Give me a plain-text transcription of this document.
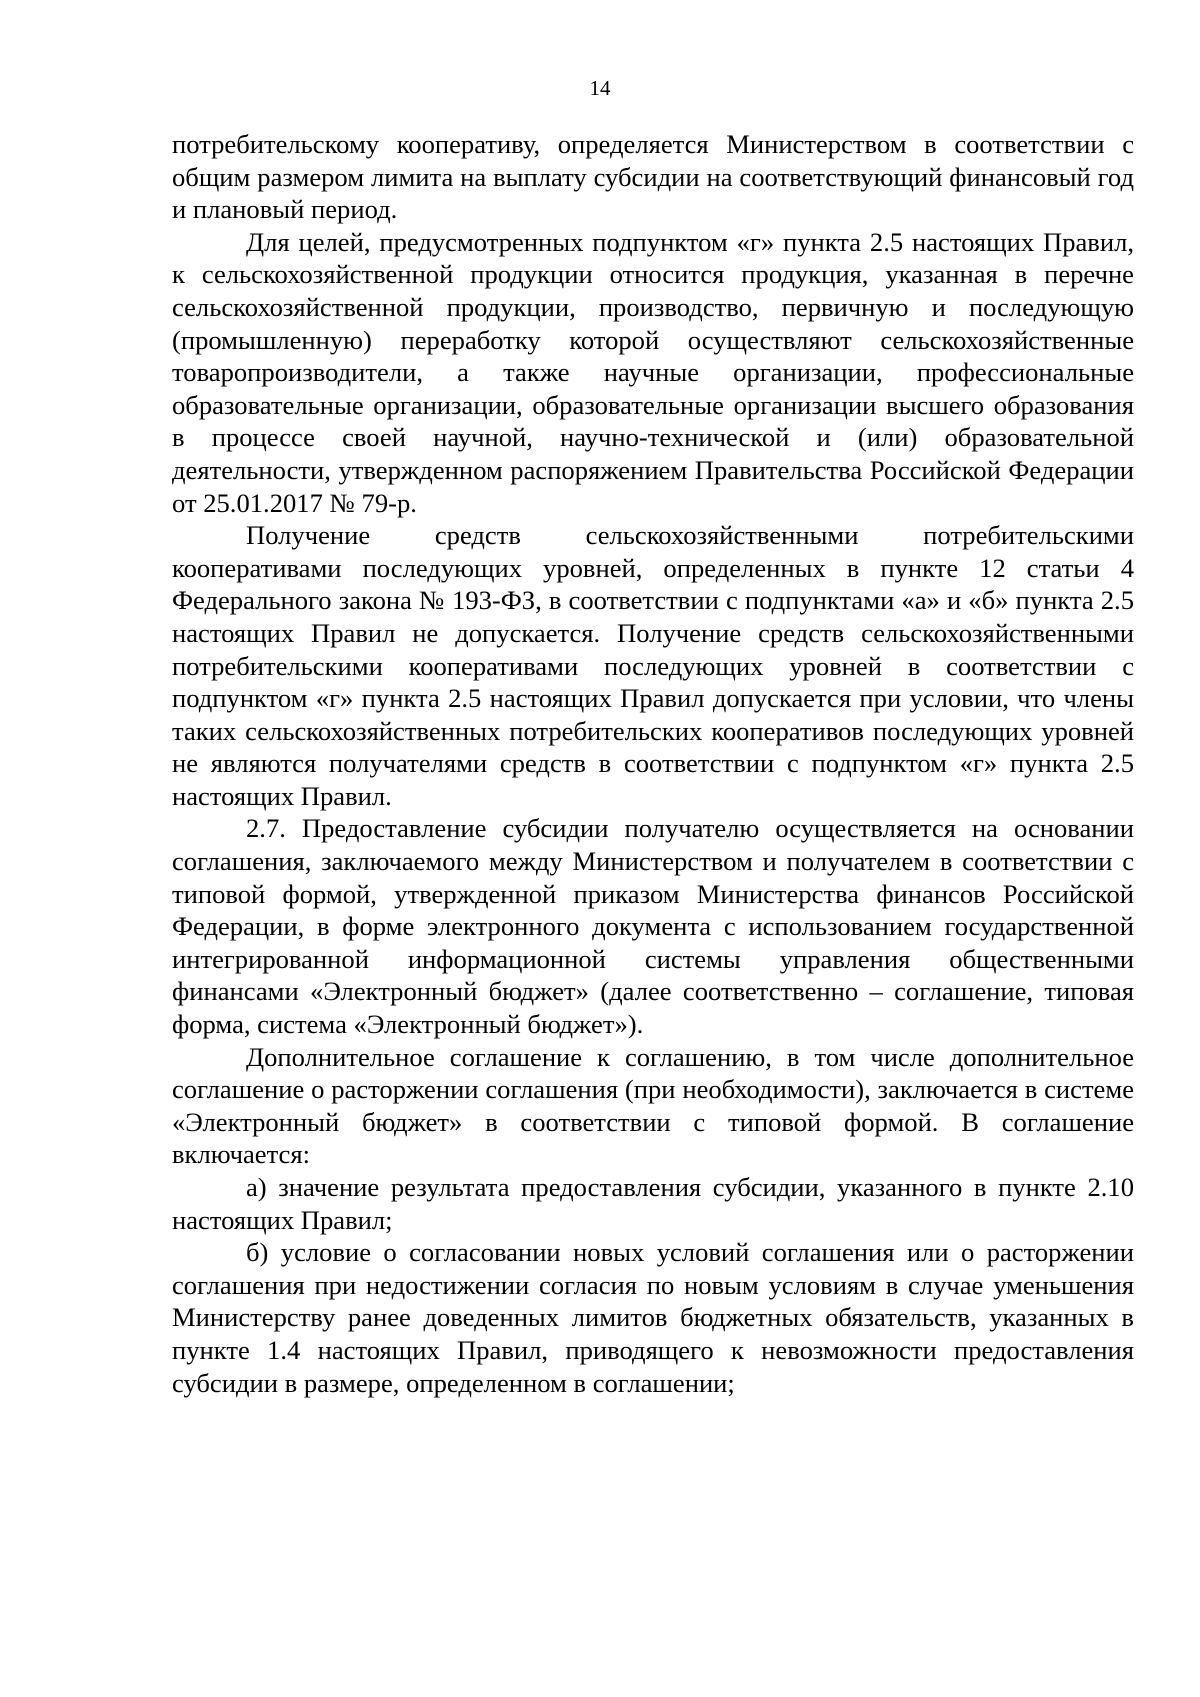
14

потребительскому кооперативу, определяется Министерством в соответствии с общим размером лимита на выплату субсидии на соответствующий финансовый год и плановый период.

Для целей, предусмотренных подпунктом «г» пункта 2.5 настоящих Правил, к сельскохозяйственной продукции относится продукция, указанная в перечне сельскохозяйственной продукции, производство, первичную и последующую (промышленную) переработку которой осуществляют сельскохозяйственные товаропроизводители, а также научные организации, профессиональные образовательные организации, образовательные организации высшего образования в процессе своей научной, научно-технической и (или) образовательной деятельности, утвержденном распоряжением Правительства Российской Федерации от 25.01.2017 № 79-р.

Получение средств сельскохозяйственными потребительскими кооперативами последующих уровней, определенных в пункте 12 статьи 4 Федерального закона № 193-ФЗ, в соответствии с подпунктами «а» и «б» пункта 2.5 настоящих Правил не допускается. Получение средств сельскохозяйственными потребительскими кооперативами последующих уровней в соответствии с подпунктом «г» пункта 2.5 настоящих Правил допускается при условии, что члены таких сельскохозяйственных потребительских кооперативов последующих уровней не являются получателями средств в соответствии с подпунктом «г» пункта 2.5 настоящих Правил.

2.7. Предоставление субсидии получателю осуществляется на основании соглашения, заключаемого между Министерством и получателем в соответствии с типовой формой, утвержденной приказом Министерства финансов Российской Федерации, в форме электронного документа с использованием государственной интегрированной информационной системы управления общественными финансами «Электронный бюджет» (далее соответственно – соглашение, типовая форма, система «Электронный бюджет»).

Дополнительное соглашение к соглашению, в том числе дополнительное соглашение о расторжении соглашения (при необходимости), заключается в системе «Электронный бюджет» в соответствии с типовой формой. В соглашение включается:

а) значение результата предоставления субсидии, указанного в пункте 2.10 настоящих Правил;

б) условие о согласовании новых условий соглашения или о расторжении соглашения при недостижении согласия по новым условиям в случае уменьшения Министерству ранее доведенных лимитов бюджетных обязательств, указанных в пункте 1.4 настоящих Правил, приводящего к невозможности предоставления субсидии в размере, определенном в соглашении;
